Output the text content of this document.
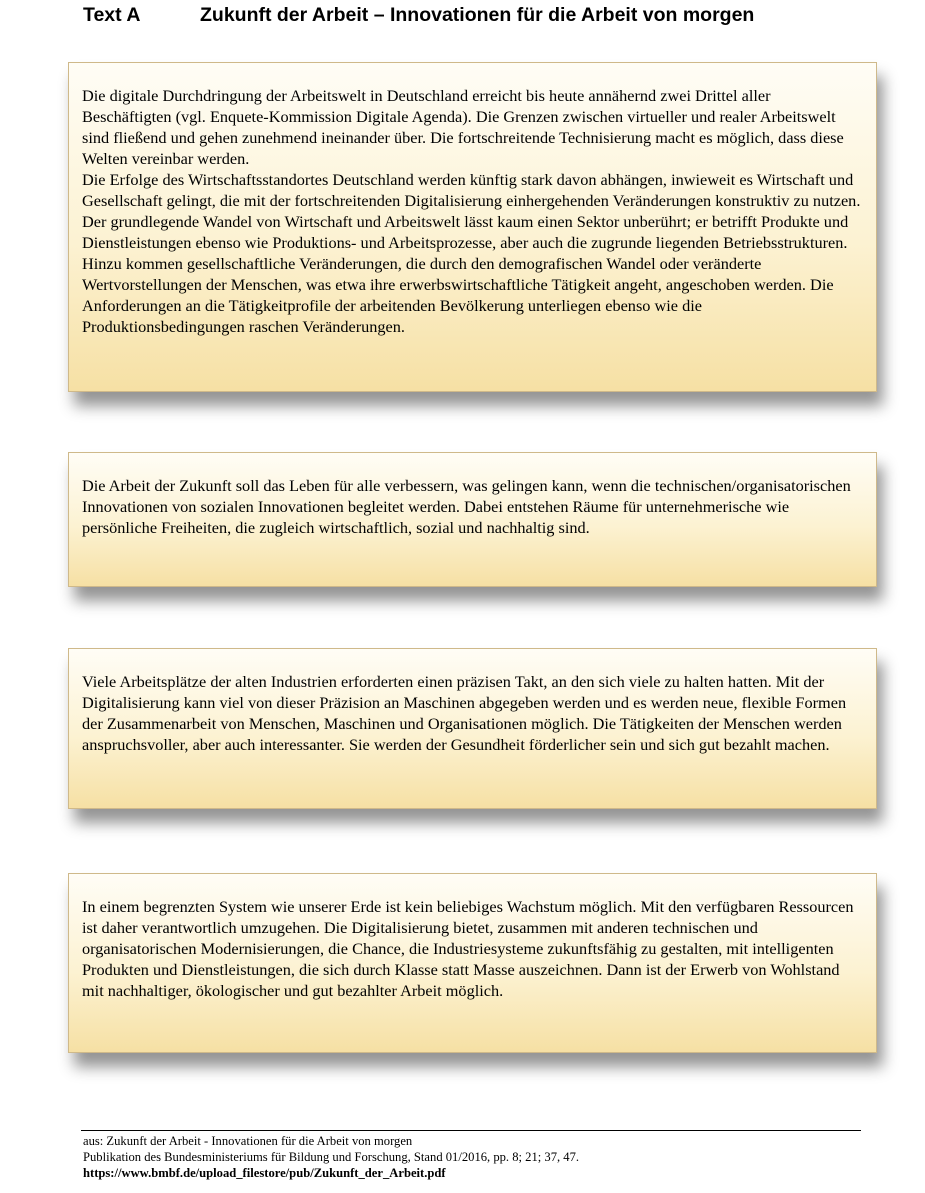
Text A	Zukunft der Arbeit – Innovationen für die Arbeit von morgen

Die digitale Durchdringung der Arbeitswelt in Deutschland erreicht bis heute annähernd zwei Drittel aller Beschäftigten (vgl. Enquete-Kommission Digitale Agenda). Die Grenzen zwischen virtueller und realer Arbeitswelt sind fließend und gehen zunehmend ineinander über. Die fortschreitende Technisierung macht es möglich, dass diese Welten vereinbar werden.

Die Erfolge des Wirtschaftsstandortes Deutschland werden künftig stark davon abhängen, inwieweit es Wirtschaft und Gesellschaft gelingt, die mit der fortschreitenden Digitalisierung einhergehenden Veränderungen konstruktiv zu nutzen. Der grundlegende Wandel von Wirtschaft und Arbeitswelt lässt kaum einen Sektor unberührt; er betrifft Produkte und Dienstleistungen ebenso wie Produktions- und Arbeitsprozesse, aber auch die zugrunde liegenden Betriebsstrukturen. Hinzu kommen gesellschaftliche Veränderungen, die durch den demografischen Wandel oder veränderte Wertvorstellungen der Menschen, was etwa ihre erwerbswirtschaftliche Tätigkeit angeht, angeschoben werden. Die Anforderungen an die Tätigkeitprofile der arbeitenden Bevölkerung unterliegen ebenso wie die Produktionsbedingungen raschen Veränderungen.

Die Arbeit der Zukunft soll das Leben für alle verbessern, was gelingen kann, wenn die technischen/organisatorischen Innovationen von sozialen Innovationen begleitet werden. Dabei entstehen Räume für unternehmerische wie persönliche Freiheiten, die zugleich wirtschaftlich, sozial und nachhaltig sind.

Viele Arbeitsplätze der alten Industrien erforderten einen präzisen Takt, an den sich viele zu halten hatten. Mit der Digitalisierung kann viel von dieser Präzision an Maschinen abgegeben werden und es werden neue, flexible Formen der Zusammenarbeit von Menschen, Maschinen und Organisationen möglich. Die Tätigkeiten der Menschen werden anspruchsvoller, aber auch interessanter. Sie werden der Gesundheit förderlicher sein und sich gut bezahlt machen.

In einem begrenzten System wie unserer Erde ist kein beliebiges Wachstum möglich. Mit den verfügbaren Ressourcen ist daher verantwortlich umzugehen. Die Digitalisierung bietet, zusammen mit anderen technischen und organisatorischen Modernisierungen, die Chance, die Industriesysteme zukunftsfähig zu gestalten, mit intelligenten Produkten und Dienstleistungen, die sich durch Klasse statt Masse auszeichnen. Dann ist der Erwerb von Wohlstand mit nachhaltiger, ökologischer und gut bezahlter Arbeit möglich.

aus: Zukunft der Arbeit - Innovationen für die Arbeit von morgen
Publikation des Bundesministeriums für Bildung und Forschung, Stand 01/2016, pp. 8; 21; 37, 47.
https://www.bmbf.de/upload_filestore/pub/Zukunft_der_Arbeit.pdf
